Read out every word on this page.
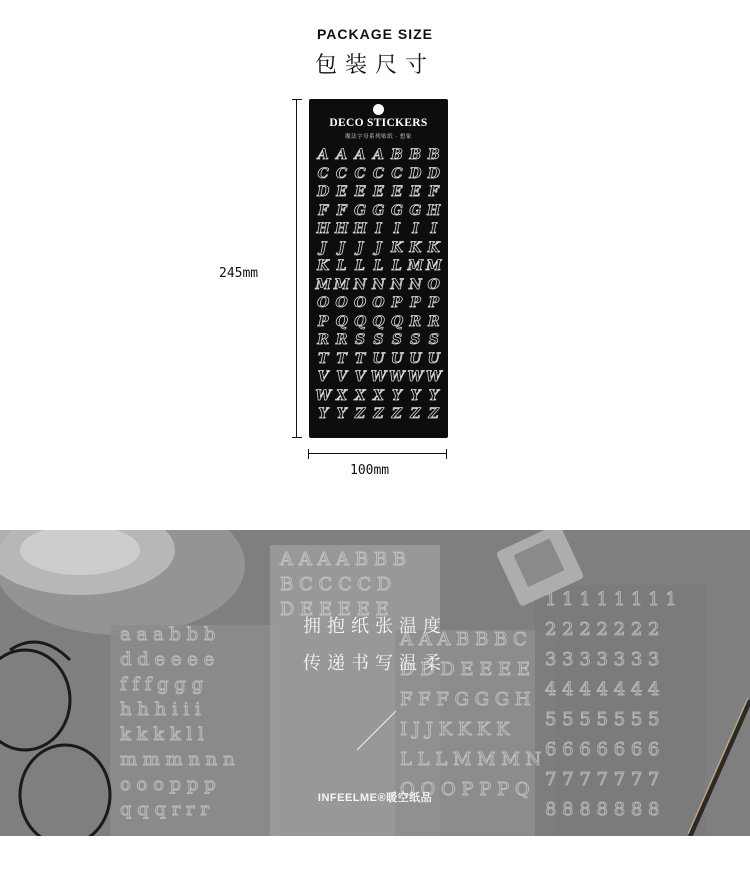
PACKAGE SIZE
包装尺寸
245mm
DECO STICKERS
魔法字母系列贴纸 · 想象
A A A A B B B
C C C C C D D
D E E E E E F
F F G G G G H
H H H I I I I
J J J J K K K
K L L L L M M
M M N N N N O
O O O O P P P
P Q Q Q Q R R
R R S S S S S
T T T U U U U
V V V W W W W
W X X X Y Y Y
Y Y Z Z Z Z Z
100mm
a a a b b b
d d e e e e
f f f g g g
h h h i i i
k k k k l l
m m m n n n
o o o p p p
q q q r r r
A A A A B B B
B C C C C D
D E E E E E
A A A B B B C
D D D E E E E
F F F G G G H
I J J K K K K
L L L M M M N
O O O P P P Q
1 1 1 1 1 1 1 1
2 2 2 2 2 2 2
3 3 3 3 3 3 3
4 4 4 4 4 4 4
5 5 5 5 5 5 5
6 6 6 6 6 6 6
7 7 7 7 7 7 7
8 8 8 8 8 8 8
拥抱纸张温度
传递书写温柔
INFEELME®暖空纸品
